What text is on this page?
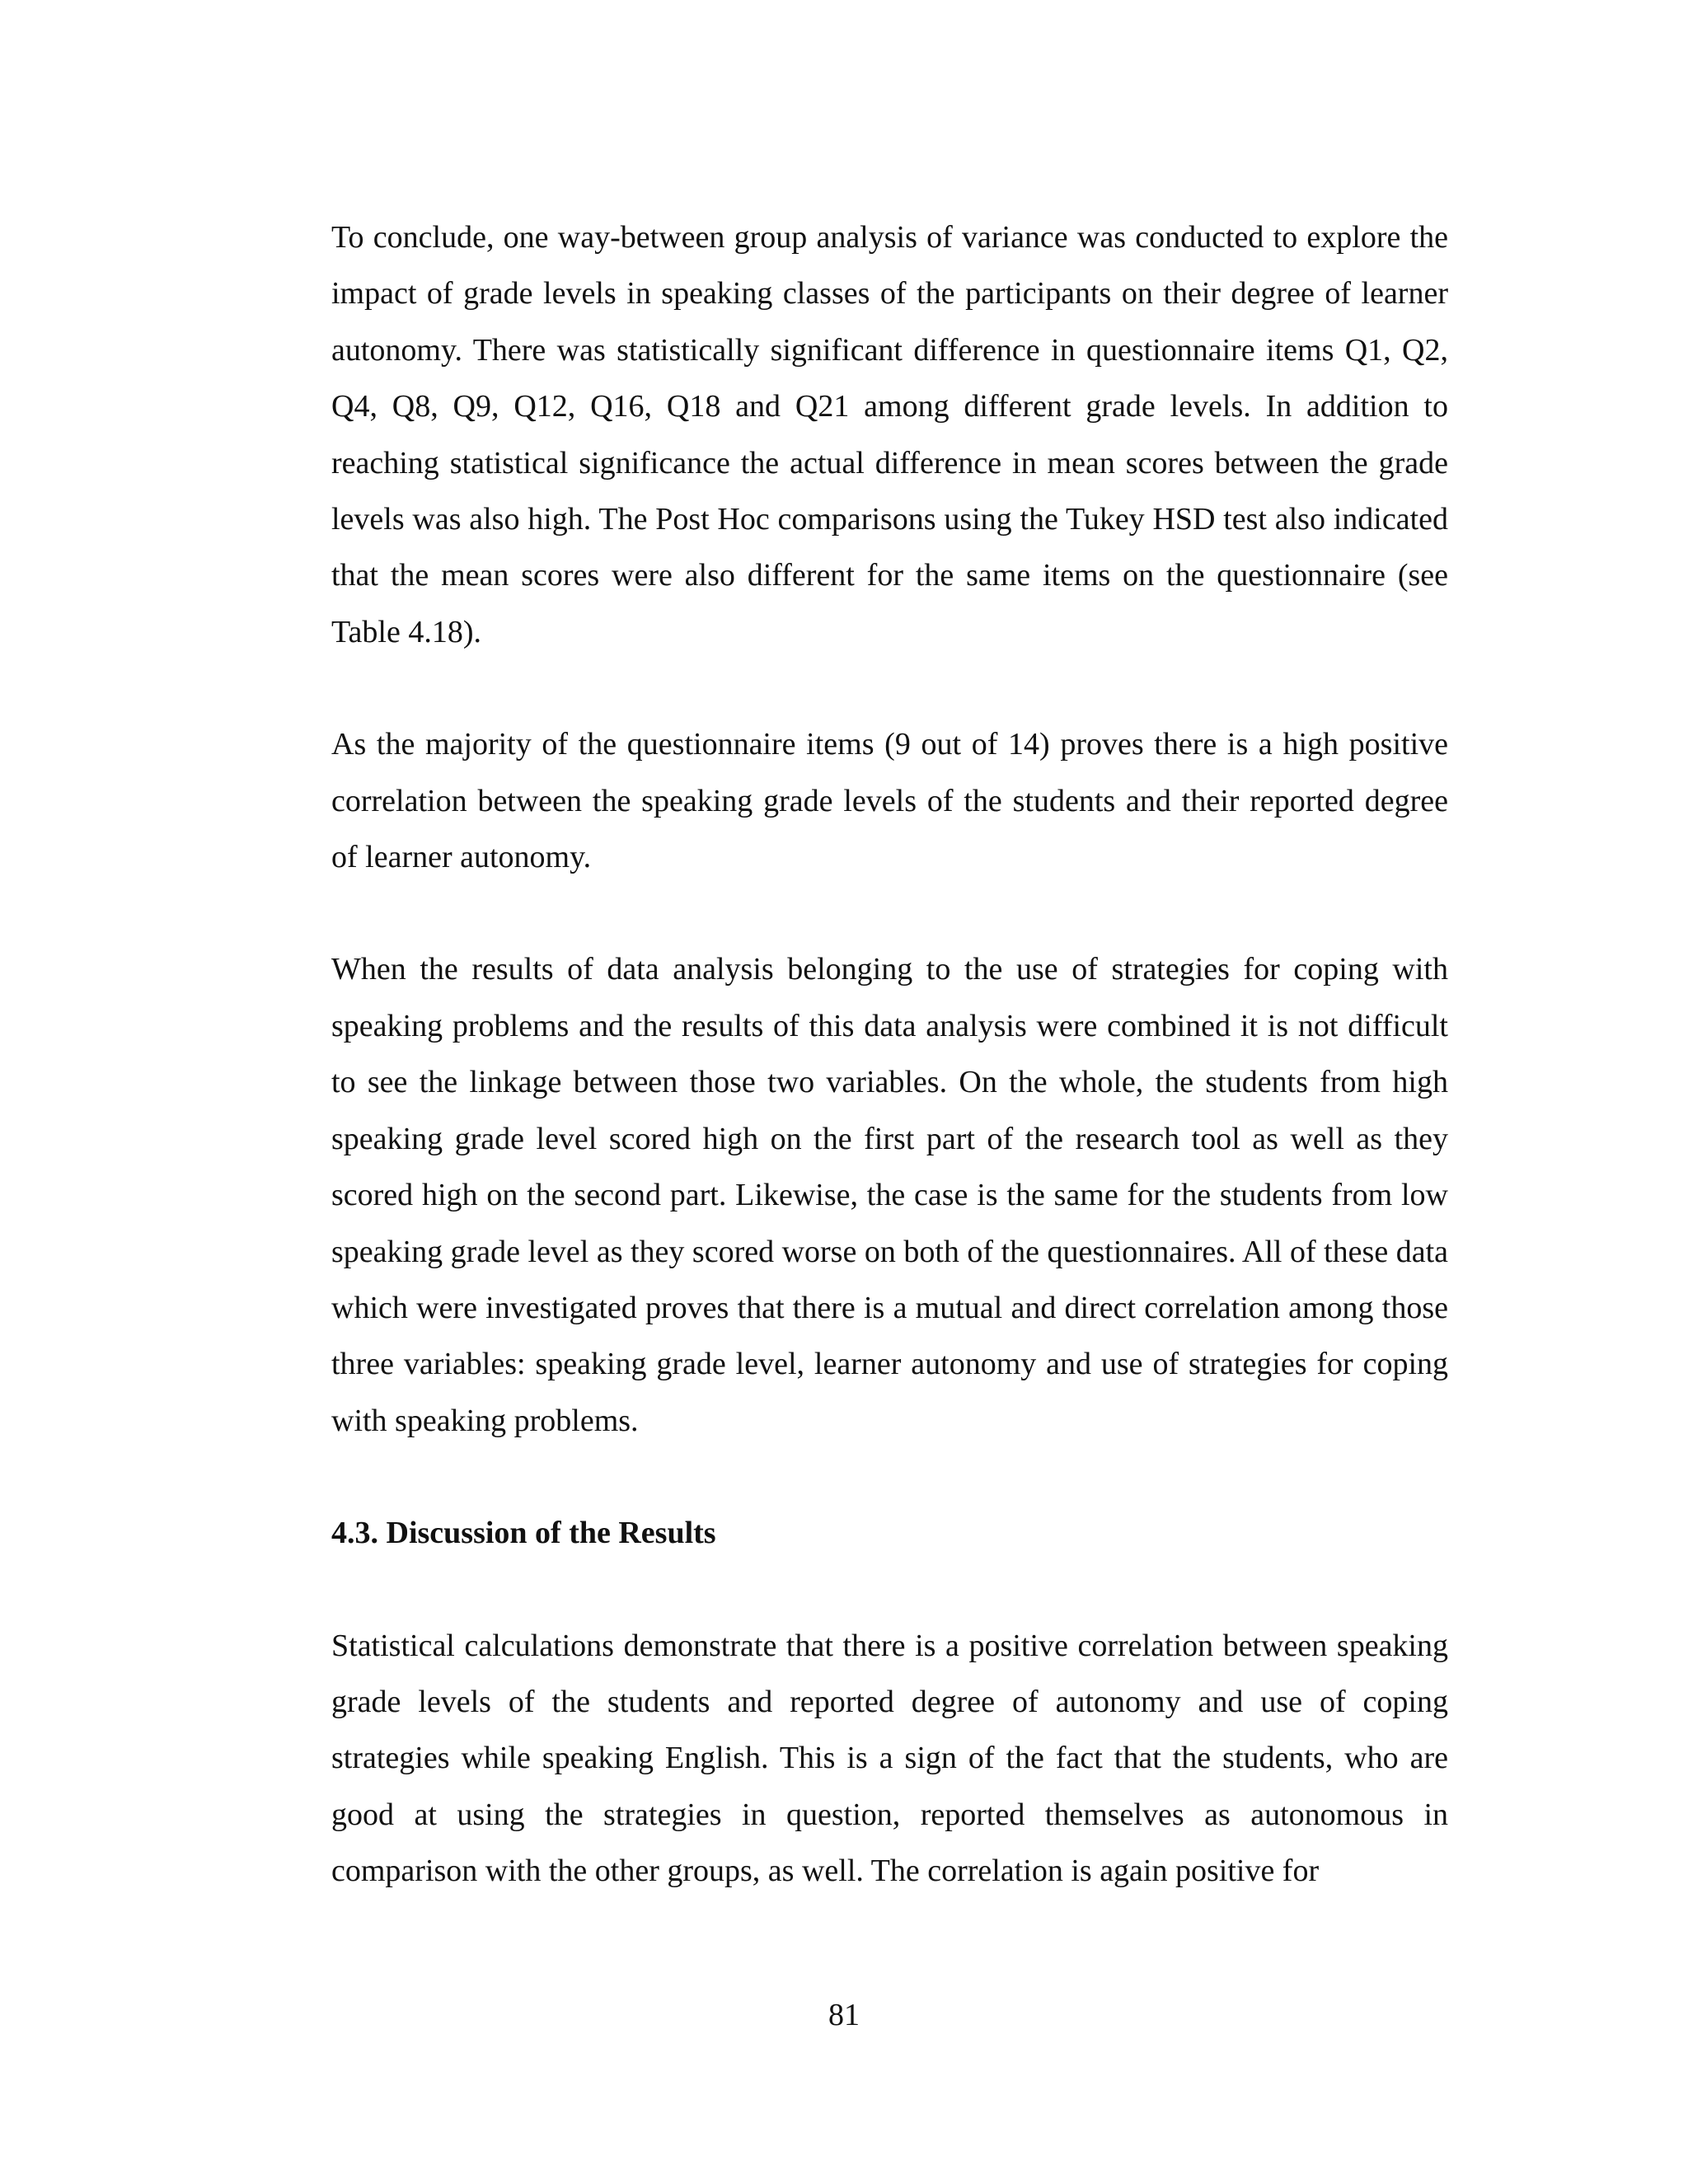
To conclude, one way-between group analysis of variance was conducted to explore the impact of grade levels in speaking classes of the participants on their degree of learner autonomy. There was statistically significant difference in questionnaire items Q1, Q2, Q4, Q8, Q9, Q12, Q16, Q18 and Q21 among different grade levels. In addition to reaching statistical significance the actual difference in mean scores between the grade levels was also high. The Post Hoc comparisons using the Tukey HSD test also indicated that the mean scores were also different for the same items on the questionnaire (see Table 4.18).

As the majority of the questionnaire items (9 out of 14) proves there is a high positive correlation between the speaking grade levels of the students and their reported degree of learner autonomy.

When the results of data analysis belonging to the use of strategies for coping with speaking problems and the results of this data analysis were combined it is not difficult to see the linkage between those two variables. On the whole, the students from high speaking grade level scored high on the first part of the research tool as well as they scored high on the second part. Likewise, the case is the same for the students from low speaking grade level as they scored worse on both of the questionnaires. All of these data which were investigated proves that there is a mutual and direct correlation among those three variables: speaking grade level, learner autonomy and use of strategies for coping with speaking problems.

4.3. Discussion of the Results

Statistical calculations demonstrate that there is a positive correlation between speaking grade levels of the students and reported degree of autonomy and use of coping strategies while speaking English. This is a sign of the fact that the students, who are good at using the strategies in question, reported themselves as autonomous in comparison with the other groups, as well. The correlation is again positive for

81
